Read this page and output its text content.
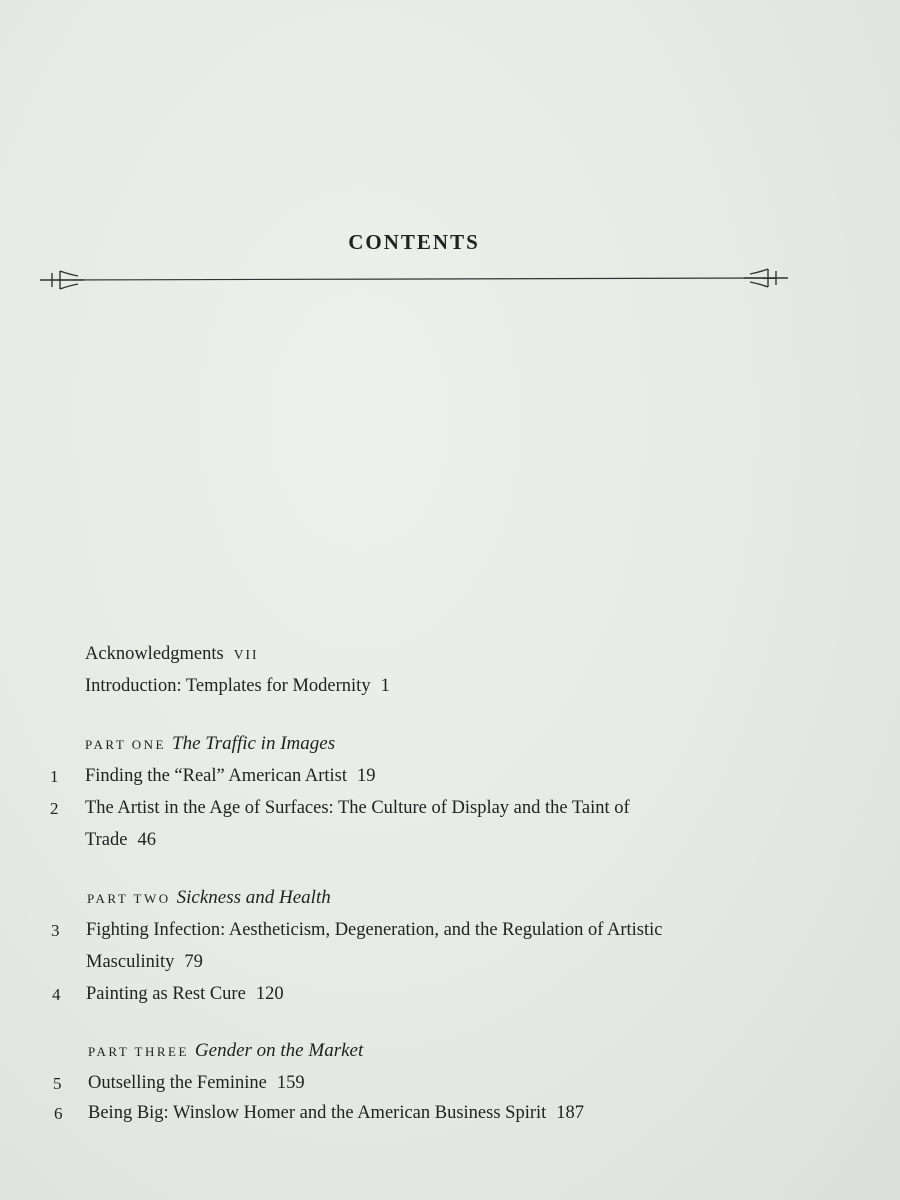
CONTENTS
Acknowledgments VII
Introduction: Templates for Modernity 1
PART ONE The Traffic in Images
1 Finding the “Real” American Artist 19
2 The Artist in the Age of Surfaces: The Culture of Display and the Taint of
Trade 46
PART TWO Sickness and Health
3 Fighting Infection: Aestheticism, Degeneration, and the Regulation of Artistic
Masculinity 79
4 Painting as Rest Cure 120
PART THREE Gender on the Market
5 Outselling the Feminine 159
6 Being Big: Winslow Homer and the American Business Spirit 187
